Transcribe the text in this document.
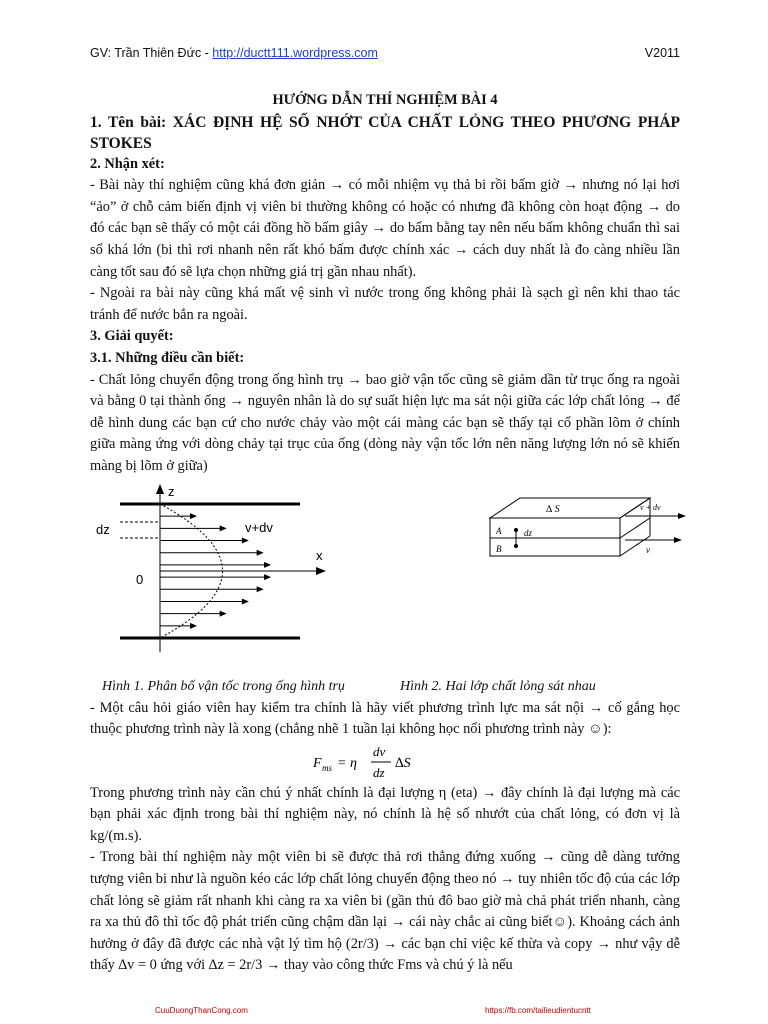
GV: Trần Thiên Đức - http://ductt111.wordpress.com	V2011

HƯỚNG DẪN THÍ NGHIỆM BÀI 4

1. Tên bài: XÁC ĐỊNH HỆ SỐ NHỚT CỦA CHẤT LỎNG THEO PHƯƠNG PHÁP STOKES

2. Nhận xét:

- Bài này thí nghiệm cũng khá đơn giản → có mỗi nhiệm vụ thả bi rồi bấm giờ → nhưng nó lại hơi “ảo” ở chỗ cảm biến định vị viên bi thường không có hoặc có nhưng đã không còn hoạt động → do đó các bạn sẽ thấy có một cái đồng hồ bấm giây → do bấm bằng tay nên nếu bấm không chuẩn thì sai số khá lớn (bi thì rơi nhanh nên rất khó bấm được chính xác → cách duy nhất là đo càng nhiều lần càng tốt sau đó sẽ lựa chọn những giá trị gần nhau nhất).

- Ngoài ra bài này cũng khá mất vệ sinh vì nước trong ống không phải là sạch gì nên khi thao tác tránh để nước bắn ra ngoài.

3. Giải quyết:

3.1. Những điều cần biết:

- Chất lỏng chuyển động trong ống hình trụ → bao giờ vận tốc cũng sẽ giảm dần từ trục ống ra ngoài và bằng 0 tại thành ống → nguyên nhân là do sự suất hiện lực ma sát nội giữa các lớp chất lỏng → để dễ hình dung các bạn cứ cho nước chảy vào một cái màng các bạn sẽ thấy tại cổ phần lõm ở chính giữa màng ứng với dòng chảy tại trục của ống (dòng này vận tốc lớn nên năng lượng lớn nó sẽ khiến màng bị lõm ở giữa)

z
x
0
dz	v+dv
∆ S
A
B
dz
v + dv
v
Hình 1. Phân bố vận tốc trong ống hình trụ	Hình 2. Hai lớp chất lỏng sát nhau

- Một câu hỏi giáo viên hay kiểm tra chính là hãy viết phương trình lực ma sát nội → cố gắng học thuộc phương trình này là xong (chẳng nhẽ 1 tuần lại không học nổi phương trình này ☺):

F ms = η
dv
dz
∆S

Trong phương trình này cần chú ý nhất chính là đại lượng η (eta) → đây chính là đại lượng mà các bạn phải xác định trong bài thí nghiệm này, nó chính là hệ số nhướt của chất lỏng, có đơn vị là kg/(m.s).

- Trong bài thí nghiệm này một viên bi sẽ được thả rơi thẳng đứng xuống → cũng dễ dàng tưởng tượng viên bi như là nguồn kéo các lớp chất lỏng chuyển động theo nó → tuy nhiên tốc độ của các lớp chất lỏng sẽ giảm rất nhanh khi càng ra xa viên bi (gần thủ đô bao giờ mà chả phát triển nhanh, càng ra xa thủ đô thì tốc độ phát triển cũng chậm dần lại → cái này chắc ai cũng biết☺). Khoảng cách ảnh hưởng ở đây đã được các nhà vật lý tìm hộ (2r/3) → các bạn chỉ việc kế thừa và copy → như vậy dễ thấy ∆v = 0 ứng với ∆z = 2r/3 → thay vào công thức Fms và chú ý là nếu

CuuDuongThanCong.com	https://fb.com/tailieudientucntt
